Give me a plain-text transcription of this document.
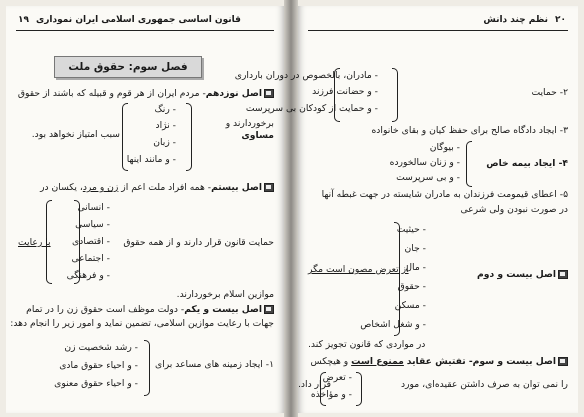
۱۹ قانون اساسی جمهوری اسلامی ایران نموداری
فصل سوم: حقوق ملت
اصل نوزدهم- مردم ایران از هر قوم و قبیله که باشند از حقوق
مساوی
برخوردارند و
- رنگ
- نژاد
- زبان
- و مانند اینها
سبب امتیاز نخواهد بود.
اصل بیستم- همه افراد ملت اعم از زن و مرد، یکسان در
- انسانی
- سیاسی
- اقتصادی
- اجتماعی
- و فرهنگی
حمایت قانون قرار دارند و از همه حقوق
با رعایت
موازین اسلام برخوردارند.
اصل بیست و یکم- دولت موظف است حقوق زن را در تمام
جهات با رعایت موازین اسلامی، تضمین نماید و امور زیر را انجام دهد:
۱- ایجاد زمینه های مساعد برای
- رشد شخصیت زن
- و احیاء حقوق مادی
- و احیاء حقوق معنوی
۲۰
نظم چند دانش
- مادران، بالخصوص در دوران بارداری
- و حضانت فرزند
- و حمایت از کودکان بی سرپرست
۲- حمایت
۳- ایجاد دادگاه صالح برای حفظ کیان و بقای خانواده
۴- ایجاد بیمه خاص
- بیوگان
- و زنان سالخورده
- و بی سرپرست
۵- اعطای قیمومت فرزندان به مادران شایسته در جهت غبطه آنها
در صورت نبودن ولی شرعی
- حیثیت
- جان
- مال
- حقوق
- مسکن
- و شغل اشخاص
اصل بیست و دوم
از تعرض مصون است مگر
در مواردی که قانون تجویز کند.
اصل بیست و سوم- تفتیش عقاید ممنوع است و هیچکس
را نمی توان به صرف داشتن عقیده‌ای، مورد
- تعرض
- و مؤاخذه
قرار داد.
